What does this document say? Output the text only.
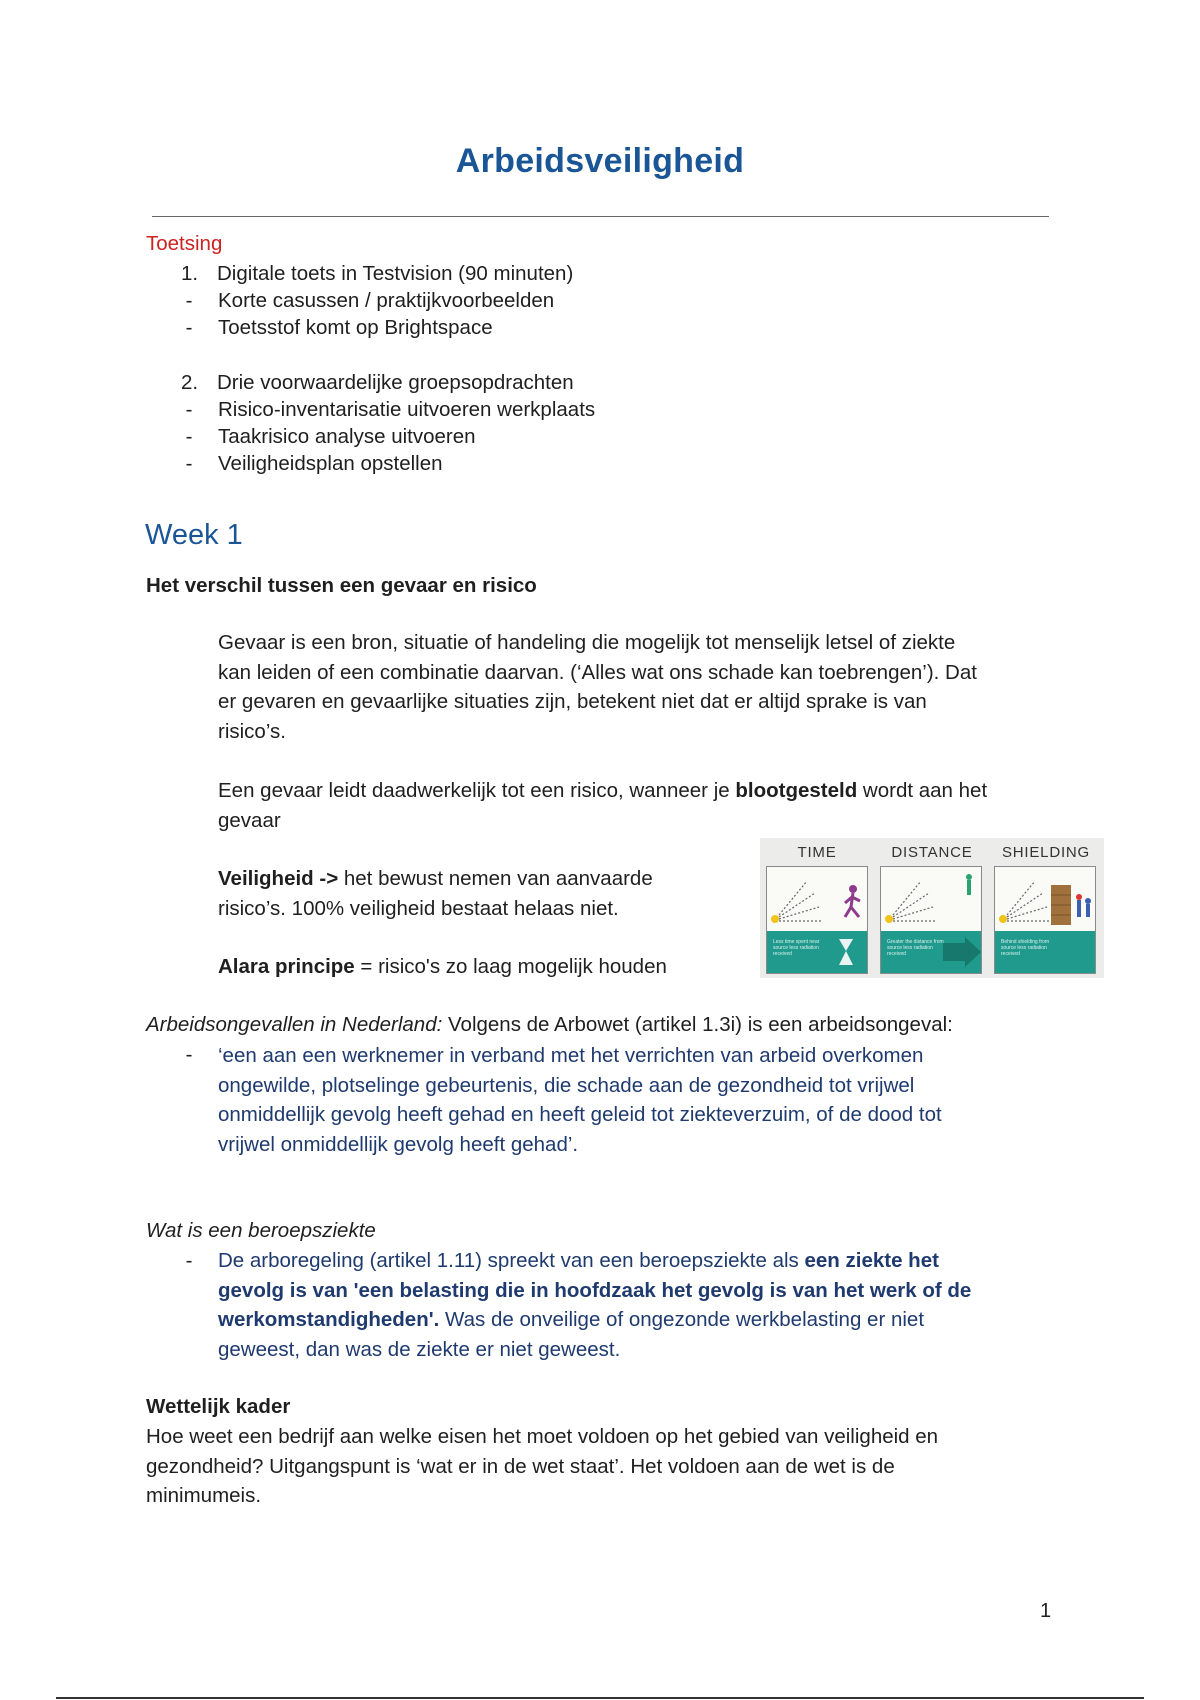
Arbeidsveiligheid
Toetsing
1. Digitale toets in Testvision (90 minuten)
- Korte casussen / praktijkvoorbeelden
- Toetsstof komt op Brightspace
2. Drie voorwaardelijke groepsopdrachten
- Risico-inventarisatie uitvoeren werkplaats
- Taakrisico analyse uitvoeren
- Veiligheidsplan opstellen
Week 1
Het verschil tussen een gevaar en risico
Gevaar is een bron, situatie of handeling die mogelijk tot menselijk letsel of ziekte
kan leiden of een combinatie daarvan. (‘Alles wat ons schade kan toebrengen’). Dat
er gevaren en gevaarlijke situaties zijn, betekent niet dat er altijd sprake is van
risico’s.
Een gevaar leidt daadwerkelijk tot een risico, wanneer je blootgesteld wordt aan het
gevaar
Veiligheid -> het bewust nemen van aanvaarde
risico’s. 100% veiligheid bestaat helaas niet.
Alara principe = risico's zo laag mogelijk houden
TIME	DISTANCE	SHIELDING
Less time spent near source less radiation received
Greater the distance from source less radiation received
Behind shielding from source less radiation received
Arbeidsongevallen in Nederland: Volgens de Arbowet (artikel 1.3i) is een arbeidsongeval:
-	‘een aan een werknemer in verband met het verrichten van arbeid overkomen
ongewilde, plotselinge gebeurtenis, die schade aan de gezondheid tot vrijwel
onmiddellijk gevolg heeft gehad en heeft geleid tot ziekteverzuim, of de dood tot
vrijwel onmiddellijk gevolg heeft gehad’.
Wat is een beroepsziekte
-	De arboregeling (artikel 1.11) spreekt van een beroepsziekte als een ziekte het
gevolg is van 'een belasting die in hoofdzaak het gevolg is van het werk of de
werkomstandigheden'. Was de onveilige of ongezonde werkbelasting er niet
geweest, dan was de ziekte er niet geweest.
Wettelijk kader
Hoe weet een bedrijf aan welke eisen het moet voldoen op het gebied van veiligheid en
gezondheid? Uitgangspunt is ‘wat er in de wet staat’. Het voldoen aan de wet is de
minimumeis.
1
